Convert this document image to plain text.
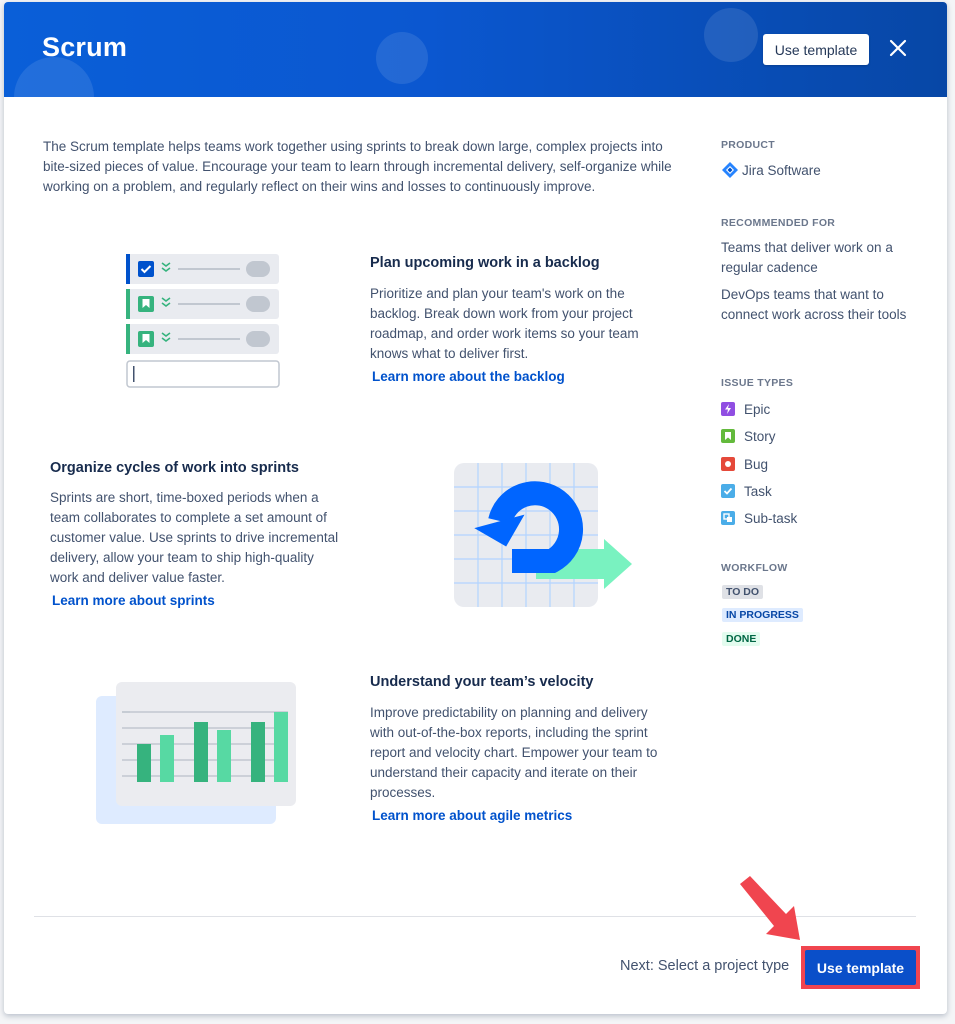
Scrum	Use template
The Scrum template helps teams work together using sprints to break down large, complex projects into bite-sized pieces of value. Encourage your team to learn through incremental delivery, self-organize while working on a problem, and regularly reflect on their wins and losses to continuously improve.
Plan upcoming work in a backlog
Prioritize and plan your team's work on the backlog. Break down work from your project roadmap, and order work items so your team knows what to deliver first.
Learn more about the backlog
Organize cycles of work into sprints
Sprints are short, time-boxed periods when a team collaborates to complete a set amount of customer value. Use sprints to drive incremental delivery, allow your team to ship high-quality work and deliver value faster.
Learn more about sprints
Understand your team’s velocity
Improve predictability on planning and delivery with out-of-the-box reports, including the sprint report and velocity chart. Empower your team to understand their capacity and iterate on their processes.
Learn more about agile metrics
PRODUCT
Jira Software
RECOMMENDED FOR
Teams that deliver work on a regular cadence
DevOps teams that want to connect work across their tools
ISSUE TYPES
Epic
Story
Bug
Task
Sub-task
WORKFLOW
TO DO
IN PROGRESS
DONE
Next: Select a project type	Use template
